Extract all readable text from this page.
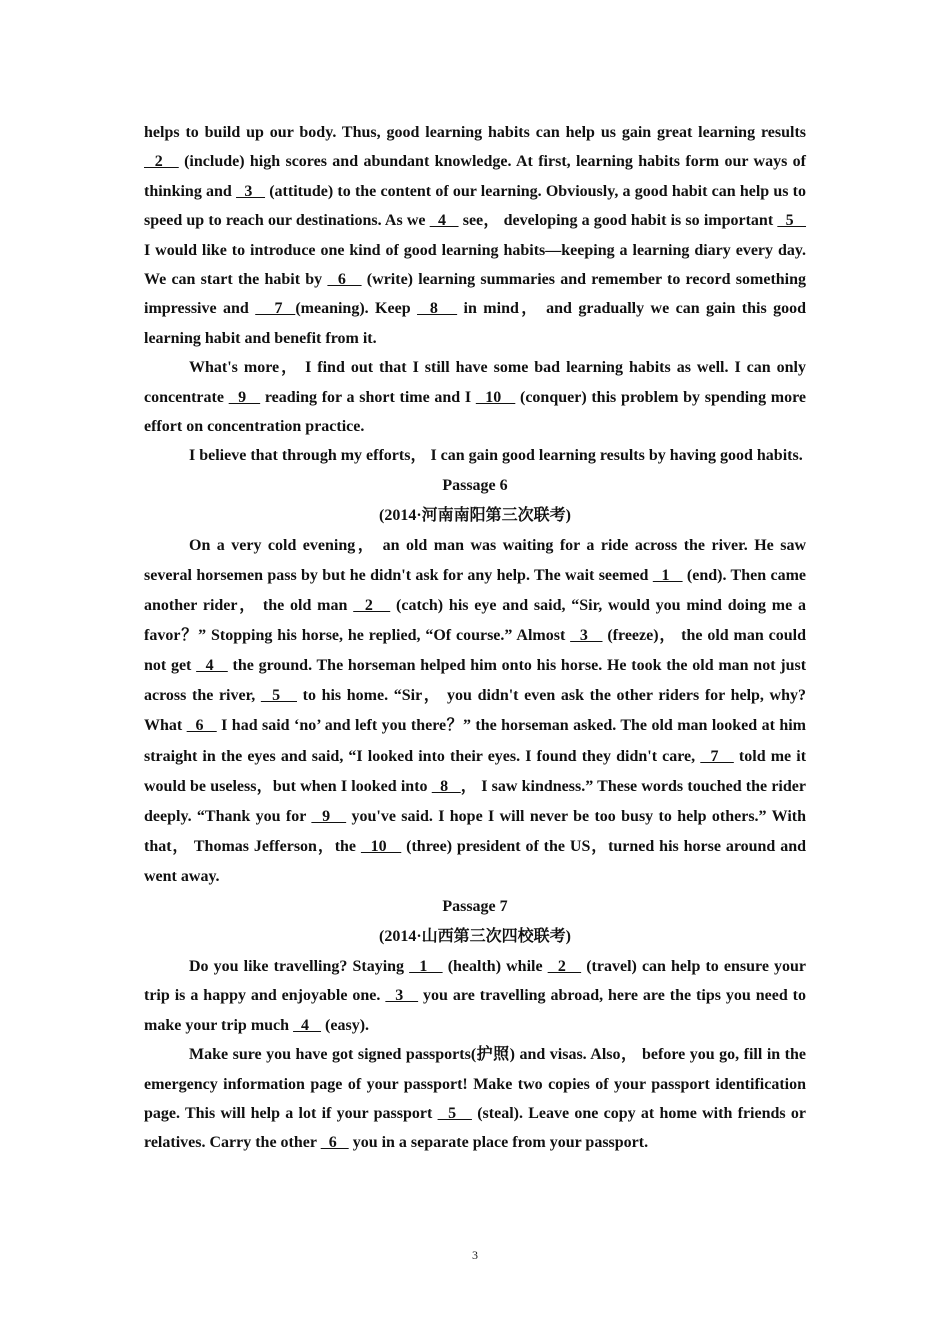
helps to build up our body. Thus, good learning habits can help us gain great learning results   2    (include) high scores and abundant knowledge. At first, learning habits form our ways of thinking and   3    (attitude) to the content of our learning. Obviously, a good habit can help us to speed up to reach our destinations. As we   4    see， developing a good habit is so important   5    I would like to introduce one kind of good learning habits—keeping a learning diary every day. We can start the habit by   6    (write) learning summaries and remember to record something impressive and    7  (meaning). Keep   8    in mind， and gradually we can gain this good learning habit and benefit from it.

What's more， I find out that I still have some bad learning habits as well. I can only concentrate   9    reading for a short time and I   10    (conquer) this problem by spending more effort on concentration practice.

I believe that through my efforts， I can gain good learning results by having good habits.

Passage 6

(2014·河南南阳第三次联考)

On a very cold evening， an old man was waiting for a ride across the river. He saw several horsemen pass by but he didn't ask for any help. The wait seemed   1    (end). Then came another rider， the old man   2    (catch) his eye and said, “Sir, would you mind doing me a favor？” Stopping his horse, he replied, “Of course.” Almost   3    (freeze)， the old man could not get   4    the ground. The horseman helped him onto his horse. He took the old man not just across the river,   5    to his home. “Sir， you didn't even ask the other riders for help, why? What   6    I had said ‘no’ and left you there？” the horseman asked. The old man looked at him straight in the eyes and said, “I looked into their eyes. I found they didn't care,   7    told me it would be useless，but when I looked into   8   ， I saw kindness.” These words touched the rider deeply. “Thank you for   9    you've said. I hope I will never be too busy to help others.” With that， Thomas Jefferson，the   10    (three) president of the US，turned his horse around and went away.

Passage 7

(2014·山西第三次四校联考)

Do you like travelling? Staying   1    (health) while   2    (travel) can help to ensure your trip is a happy and enjoyable one.   3    you are travelling abroad, here are the tips you need to make your trip much   4    (easy).

Make sure you have got signed passports(护照) and visas. Also， before you go, fill in the emergency information page of your passport! Make two copies of your passport identification page. This will help a lot if your passport   5    (steal). Leave one copy at home with friends or relatives. Carry the other   6    you in a separate place from your passport.

3
